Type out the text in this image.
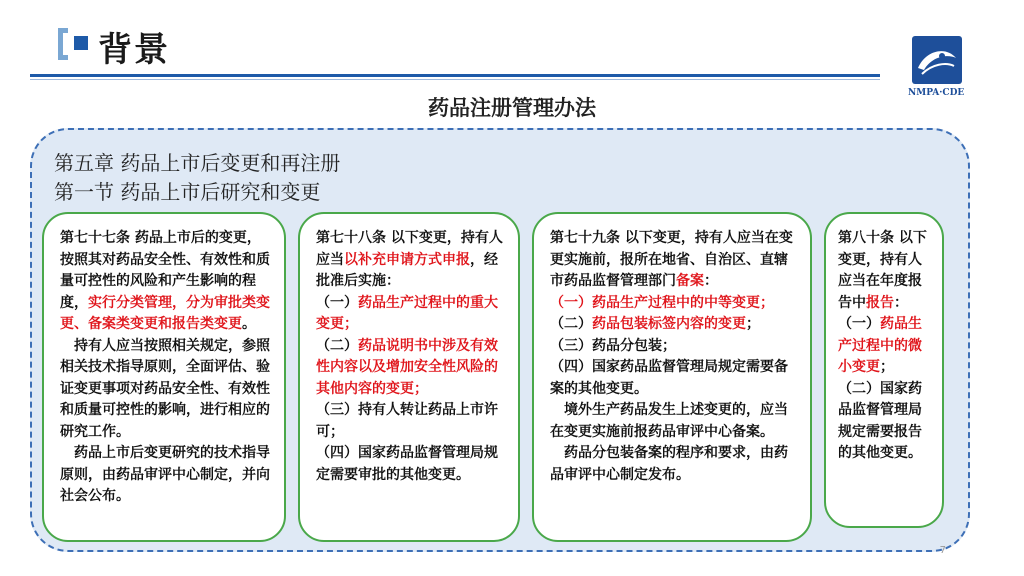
背景
NMPA·CDE
药品注册管理办法
第五章 药品上市后变更和再注册
第一节 药品上市后研究和变更

第七十七条 药品上市后的变更，按照其对药品安全性、有效性和质量可控性的风险和产生影响的程度，实行分类管理，分为审批类变更、备案类变更和报告类变更。

持有人应当按照相关规定，参照相关技术指导原则，全面评估、验证变更事项对药品安全性、有效性和质量可控性的影响，进行相应的研究工作。

药品上市后变更研究的技术指导原则，由药品审评中心制定，并向社会公布。

第七十八条 以下变更，持有人应当以补充申请方式申报，经批准后实施：

（一）药品生产过程中的重大变更；

（二）药品说明书中涉及有效性内容以及增加安全性风险的其他内容的变更；

（三）持有人转让药品上市许可；

（四）国家药品监督管理局规定需要审批的其他变更。

第七十九条 以下变更，持有人应当在变更实施前，报所在地省、自治区、直辖市药品监督管理部门备案：

（一）药品生产过程中的中等变更；

（二）药品包装标签内容的变更；

（三）药品分包装；

（四）国家药品监督管理局规定需要备案的其他变更。

境外生产药品发生上述变更的，应当在变更实施前报药品审评中心备案。

药品分包装备案的程序和要求，由药品审评中心制定发布。

第八十条 以下变更，持有人应当在年度报告中报告：

（一）药品生产过程中的微小变更；

（二）国家药品监督管理局规定需要报告的其他变更。

7
